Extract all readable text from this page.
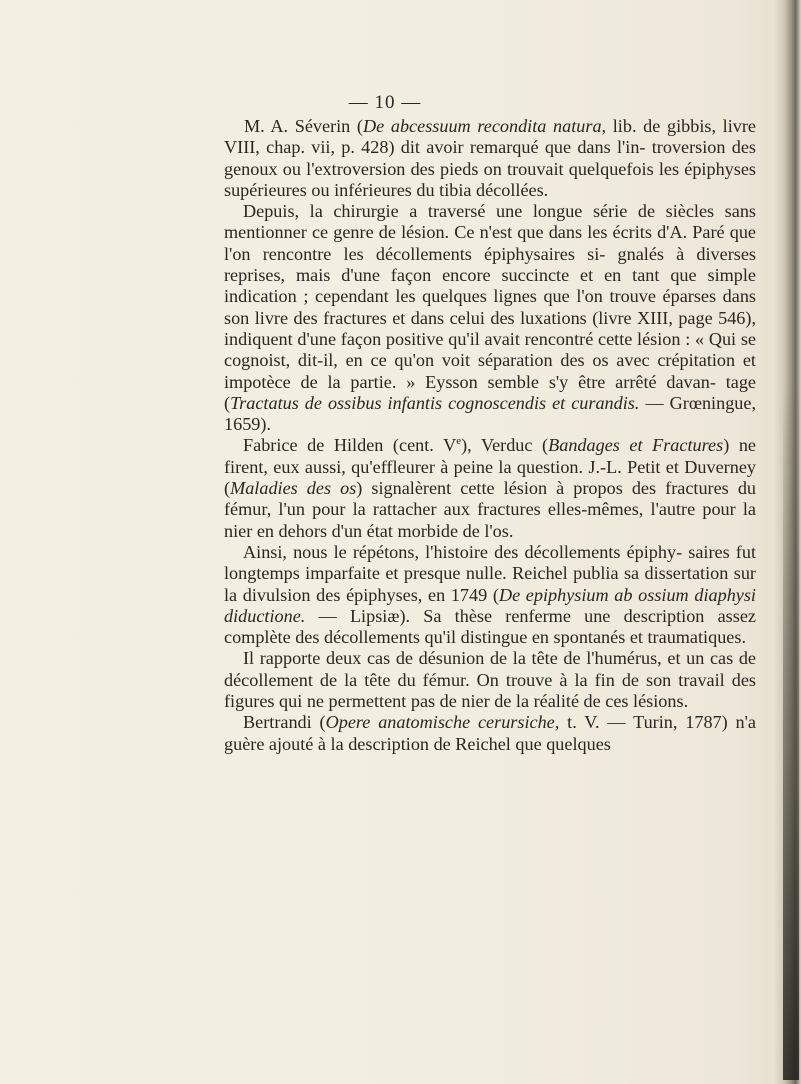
— 10 —

M. A. Séverin (De abcessuum recondita natura, lib. de gibbis, livre VIII, chap. vii, p. 428) dit avoir remarqué que dans l'in- troversion des genoux ou l'extroversion des pieds on trouvait quelquefois les épiphyses supérieures ou inférieures du tibia décollées.

Depuis, la chirurgie a traversé une longue série de siècles sans mentionner ce genre de lésion. Ce n'est que dans les écrits d'A. Paré que l'on rencontre les décollements épiphysaires si- gnalés à diverses reprises, mais d'une façon encore succincte et en tant que simple indication ; cependant les quelques lignes que l'on trouve éparses dans son livre des fractures et dans celui des luxations (livre XIII, page 546), indiquent d'une façon positive qu'il avait rencontré cette lésion : « Qui se cognoist, dit-il, en ce qu'on voit séparation des os avec crépitation et impotèce de la partie. » Eysson semble s'y être arrêté davan- tage (Tractatus de ossibus infantis cognoscendis et curandis. — Grœningue, 1659).

Fabrice de Hilden (cent. Ve), Verduc (Bandages et Fractures) ne firent, eux aussi, qu'effleurer à peine la question. J.-L. Petit et Duverney (Maladies des os) signalèrent cette lésion à propos des fractures du fémur, l'un pour la rattacher aux fractures elles-mêmes, l'autre pour la nier en dehors d'un état morbide de l'os.

Ainsi, nous le répétons, l'histoire des décollements épiphy- saires fut longtemps imparfaite et presque nulle. Reichel publia sa dissertation sur la divulsion des épiphyses, en 1749 (De epiphysium ab ossium diaphysi diductione. — Lipsiæ). Sa thèse renferme une description assez complète des décollements qu'il distingue en spontanés et traumatiques.

Il rapporte deux cas de désunion de la tête de l'humérus, et un cas de décollement de la tête du fémur. On trouve à la fin de son travail des figures qui ne permettent pas de nier de la réalité de ces lésions.

Bertrandi (Opere anatomische cerursiche, t. V. — Turin, 1787) n'a guère ajouté à la description de Reichel que quelques
